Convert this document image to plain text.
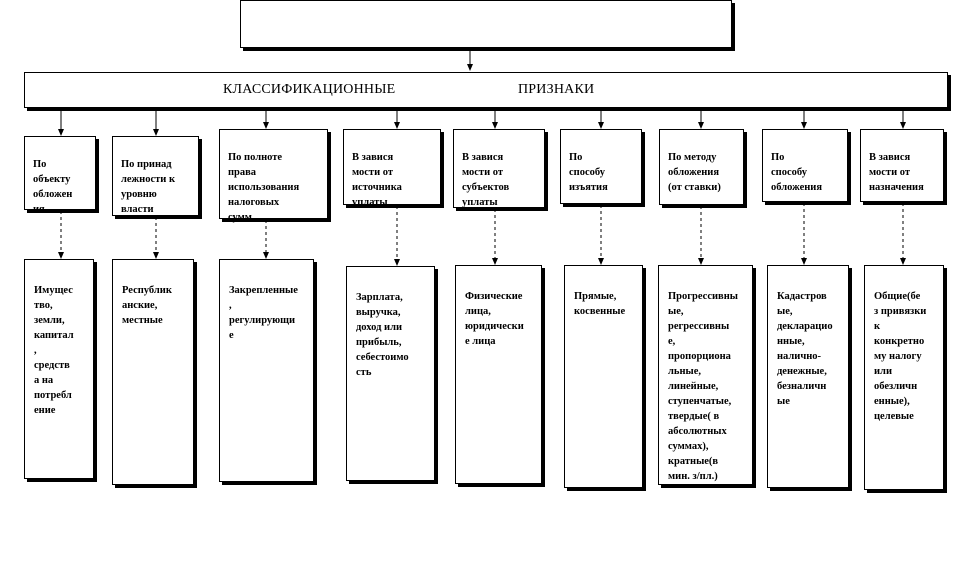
КЛАССИФИКАЦИОННЫЕ	ПРИЗНАКИ

По
объекту
обложен
ия

По принад
лежности к
уровню
власти

По полноте
права
использования
налоговых
сумм

В завися
мости от
источника
уплаты

В завися
мости от
субъектов
уплаты

По
способу
изъятия

По методу
обложения
(от ставки)

По
способу
обложения

В завися
мости от
назначения

Имущес
тво,
земли,
капитал
,
средств
а на
потребл
ение

Республик
анские,
местные

Закрепленные
,
регулирующи
е

Зарплата,
выручка,
доход или
прибыль,
себестоимо
сть

Физические
лица,
юридически
е лица

Прямые,
косвенные

Прогрессивны
ые,
регрессивны
е,
пропорциона
льные,
линейные,
ступенчатые,
твердые( в
абсолютных
суммах),
кратные(в
мин. з/пл.)

Кадастров
ые,
декларацио
нные,
налично-
денежные,
безналичн
ые

Общие(бе
з привязки
к
конкретно
му налогу
или
обезличн
енные),
целевые
